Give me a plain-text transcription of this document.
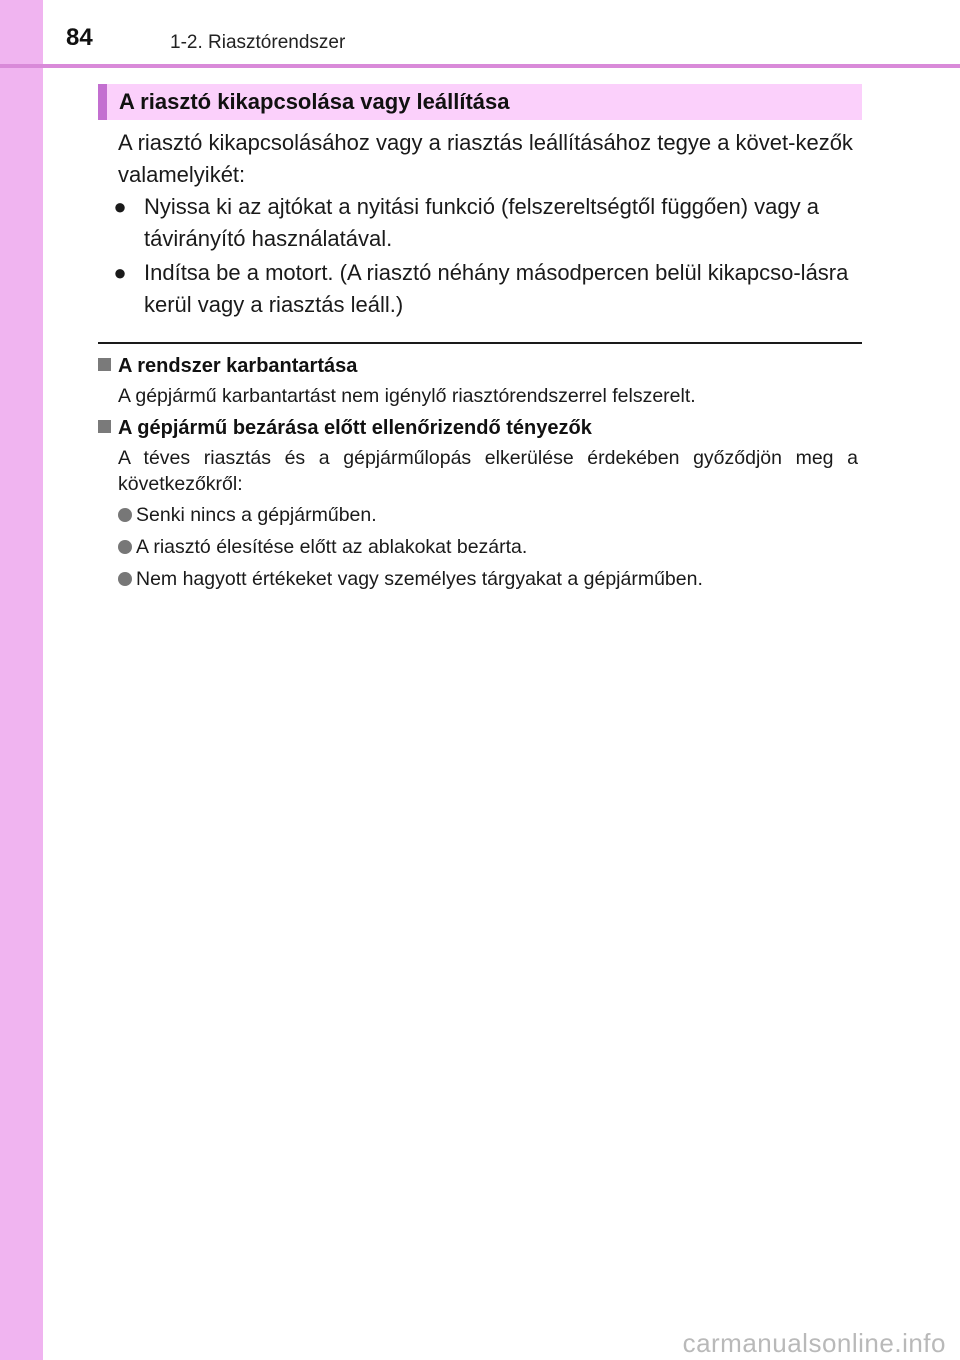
84	1-2. Riasztórendszer
A riasztó kikapcsolása vagy leállítása
A riasztó kikapcsolásához vagy a riasztás leállításához tegye a követ-kezők valamelyikét:
● Nyissa ki az ajtókat a nyitási funkció (felszereltségtől függően) vagy a távirányító használatával.
● Indítsa be a motort. (A riasztó néhány másodpercen belül kikapcso-lásra kerül vagy a riasztás leáll.)
A rendszer karbantartása
A gépjármű karbantartást nem igénylő riasztórendszerrel felszerelt.
A gépjármű bezárása előtt ellenőrizendő tényezők
A téves riasztás és a gépjárműlopás elkerülése érdekében győződjön meg a következőkről:
Senki nincs a gépjárműben.
A riasztó élesítése előtt az ablakokat bezárta.
Nem hagyott értékeket vagy személyes tárgyakat a gépjárműben.
carmanualsonline.info
